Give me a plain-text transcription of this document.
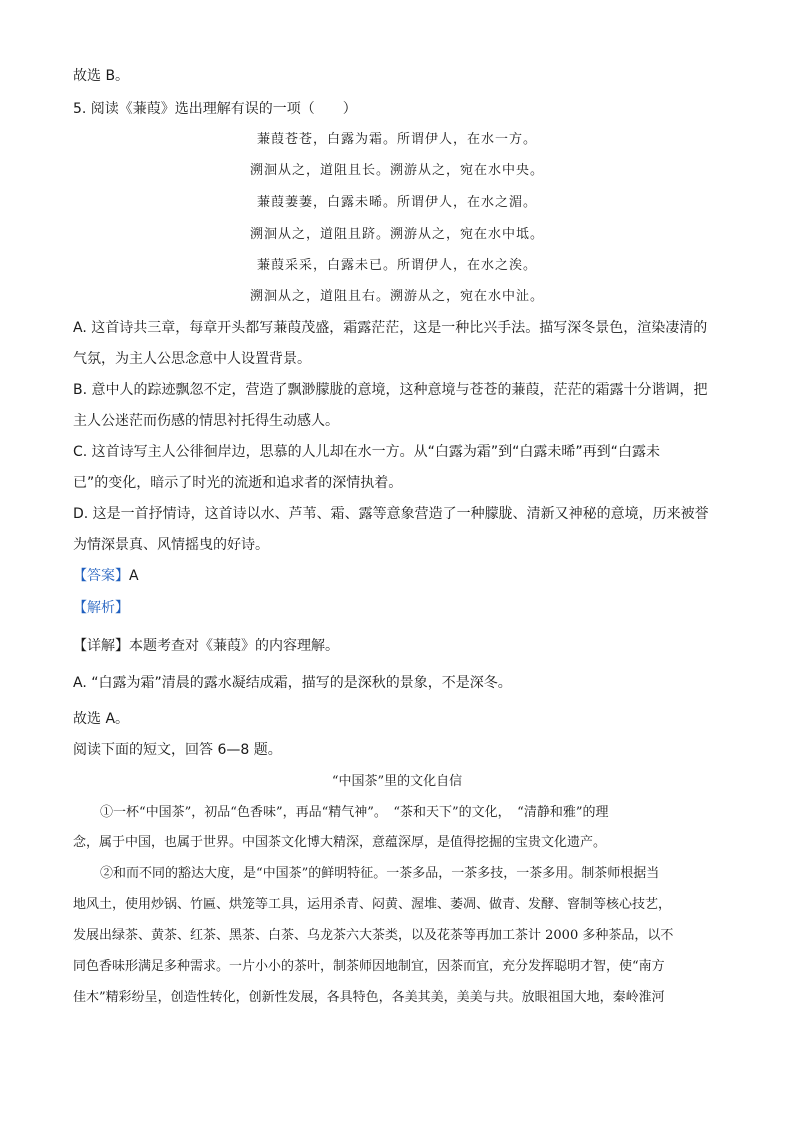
故选 B。
5. 阅读《蒹葭》选出理解有误的一项（　　）
蒹葭苍苍，白露为霜。所谓伊人，在水一方。
溯洄从之，道阻且长。溯游从之，宛在水中央。
蒹葭萋萋，白露未晞。所谓伊人，在水之湄。
溯洄从之，道阻且跻。溯游从之，宛在水中坻。
蒹葭采采，白露未已。所谓伊人，在水之涘。
溯洄从之，道阻且右。溯游从之，宛在水中沚。
A. 这首诗共三章，每章开头都写蒹葭茂盛，霜露茫茫，这是一种比兴手法。描写深冬景色，渲染凄清的
气氛，为主人公思念意中人设置背景。
B. 意中人的踪迹飘忽不定，营造了飘渺朦胧的意境，这种意境与苍苍的蒹葭，茫茫的霜露十分谐调，把
主人公迷茫而伤感的情思衬托得生动感人。
C. 这首诗写主人公徘徊岸边，思慕的人儿却在水一方。从“白露为霜”到“白露未晞”再到“白露未
已”的变化，暗示了时光的流逝和追求者的深情执着。
D. 这是一首抒情诗，这首诗以水、芦苇、霜、露等意象营造了一种朦胧、清新又神秘的意境，历来被誉
为情深景真、风情摇曳的好诗。
【答案】A
【解析】
【详解】本题考查对《蒹葭》的内容理解。
A. “白露为霜”清晨的露水凝结成霜，描写的是深秋的景象，不是深冬。
故选 A。
阅读下面的短文，回答 6—8 题。
“中国茶”里的文化自信
①一杯“中国茶”，初品“色香味”，再品“精气神”。　“茶和天下”的文化，　“清静和雅”的理
念，属于中国，也属于世界。中国茶文化博大精深，意蕴深厚，是值得挖掘的宝贵文化遗产。
②和而不同的豁达大度，是“中国茶”的鲜明特征。一茶多品，一茶多技，一茶多用。制茶师根据当
地风土，使用炒锅、竹匾、烘笼等工具，运用杀青、闷黄、渥堆、萎凋、做青、发酵、窨制等核心技艺，
发展出绿茶、黄茶、红茶、黑茶、白茶、乌龙茶六大茶类，以及花茶等再加工茶计 2000 多种茶品，以不
同色香味形满足多种需求。一片小小的茶叶，制茶师因地制宜，因茶而宜，充分发挥聪明才智，使“南方
佳木”精彩纷呈，创造性转化，创新性发展，各具特色，各美其美，美美与共。放眼祖国大地，秦岭淮河
